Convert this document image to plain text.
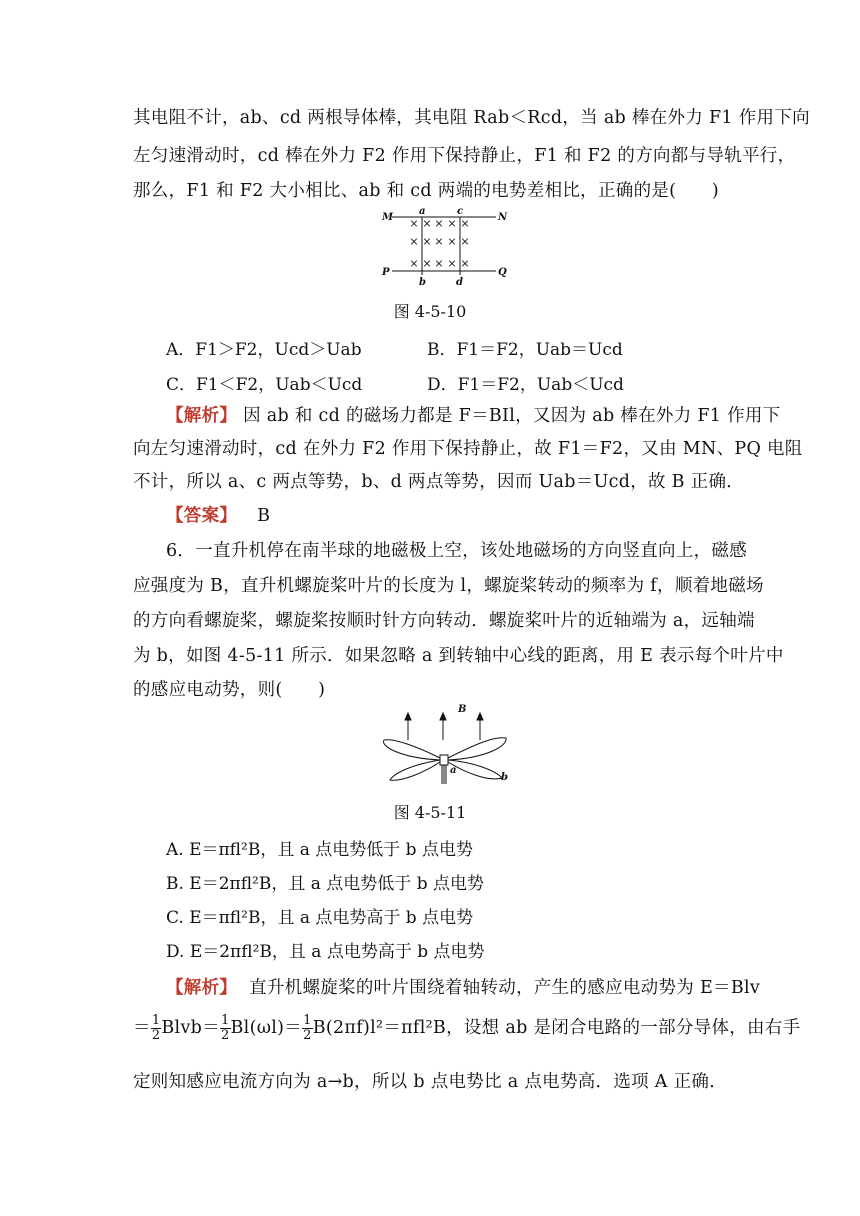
其电阻不计，ab、cd 两根导体棒，其电阻 Rab＜Rcd，当 ab 棒在外力 F1 作用下向
左匀速滑动时，cd 棒在外力 F2 作用下保持静止，F1 和 F2 的方向都与导轨平行，
那么，F1 和 F2 大小相比、ab 和 cd 两端的电势差相比，正确的是(　　)
× × × × ×
× × × × ×
× × × × ×
M	N
P	Q
a	c
b	d
图 4-5-10
A．F1＞F2，Ucd＞Uab	B．F1＝F2，Uab＝Ucd
C．F1＜F2，Uab＜Ucd	D．F1＝F2，Uab＜Ucd
【解析】 因 ab 和 cd 的磁场力都是 F＝BIl，又因为 ab 棒在外力 F1 作用下
向左匀速滑动时，cd 在外力 F2 作用下保持静止，故 F1＝F2，又由 MN、PQ 电阻
不计，所以 a、c 两点等势，b、d 两点等势，因而 Uab＝Ucd，故 B 正确．
【答案】 B
6．一直升机停在南半球的地磁极上空，该处地磁场的方向竖直向上，磁感
应强度为 B，直升机螺旋桨叶片的长度为 l，螺旋桨转动的频率为 f，顺着地磁场
的方向看螺旋桨，螺旋桨按顺时针方向转动．螺旋桨叶片的近轴端为 a，远轴端
为 b，如图 4-5-11 所示．如果忽略 a 到转轴中心线的距离，用 E 表示每个叶片中
的感应电动势，则(　　)
B
a
b
图 4-5-11
A. E＝πfl²B，且 a 点电势低于 b 点电势
B. E＝2πfl²B，且 a 点电势低于 b 点电势
C. E＝πfl²B，且 a 点电势高于 b 点电势
D. E＝2πfl²B，且 a 点电势高于 b 点电势
【解析】 直升机螺旋桨的叶片围绕着轴转动，产生的感应电动势为 E＝Blv
＝ $\frac{1}{2}$ Blvb＝ $\frac{1}{2} Bl(\omega l)= \frac{1}{2} B(2\pi f)l^2=\pi fl^2B$，设想 ab 是闭合电路的一部分导体，由右手
定则知感应电流方向为 a→b，所以 b 点电势比 a 点电势高．选项 A 正确．
